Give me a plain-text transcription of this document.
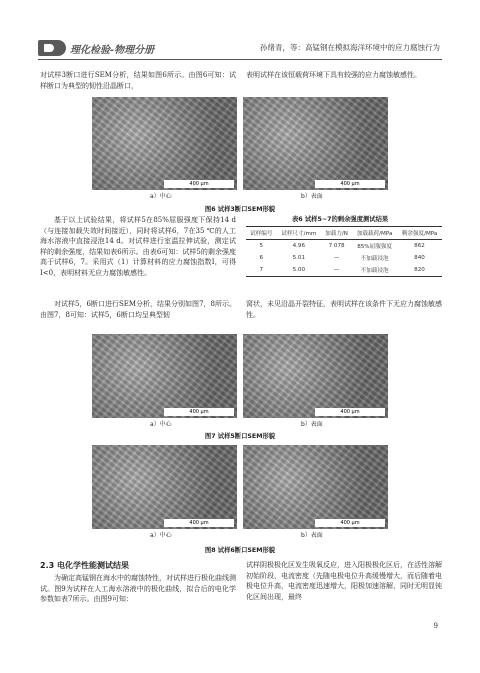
理化检验-物理分册	孙绪青，等：高锰钢在模拟海洋环境中的应力腐蚀行为
对试样3断口进行SEM分析，结果如图6所示。由图6可知：试样断口为典型的韧性沿晶断口，
表明试样在该恒载荷环境下具有较强的应力腐蚀敏感性。
400 μm	400 μm
a）中心	b）表面
图6 试样3断口SEM形貌
基于以上试验结果，将试样5在85%屈服强度下保持14 d（与连接加载失效时间接近），同时将试样6，7在35 ℃的人工海水溶液中直接浸泡14 d。对试样进行室温拉伸试验，测定试样的剩余强度，结果如表6所示。由表6可知：试样5的剩余强度高于试样6，7。采用式（1）计算材料的应力腐蚀指数I，可得I<0，表明材料无应力腐蚀敏感性。
对试样5，6断口进行SEM分析，结果分别如图7，8所示。由图7，8可知：试样5，6断口均呈典型韧
表6 试样5~7的剩余强度测试结果
试样编号	试样尺寸/mm	加载力/N	加载载荷/MPa	剩余强度/MPa
5	4.96	7 078	85%屈服强度	862
6	5.01	—	不加载浸泡	840
7	5.00	—	不加载浸泡	820
窝状，未见沿晶开裂特征，表明试样在该条件下无应力腐蚀敏感性。
400 μm	400 μm
a）中心	b）表面
图7 试样5断口SEM形貌
400 μm	400 μm
a）中心	b）表面
图8 试样6断口SEM形貌
2.3 电化学性能测试结果
为确定高锰钢在海水中的腐蚀特性，对试样进行极化曲线测试。图9为试样在人工海水溶液中的极化曲线，拟合后的电化学参数如表7所示。由图9可知：
试样阴极极化区发生吸氧反应，进入阳极极化区后，在活性溶解初始阶段，电流密度（先随电极电位升高缓慢增大，而后随着电极电位升高，电流密度迅速增大，阳极加速溶解，同时无明显钝化区间出现，最终
9
